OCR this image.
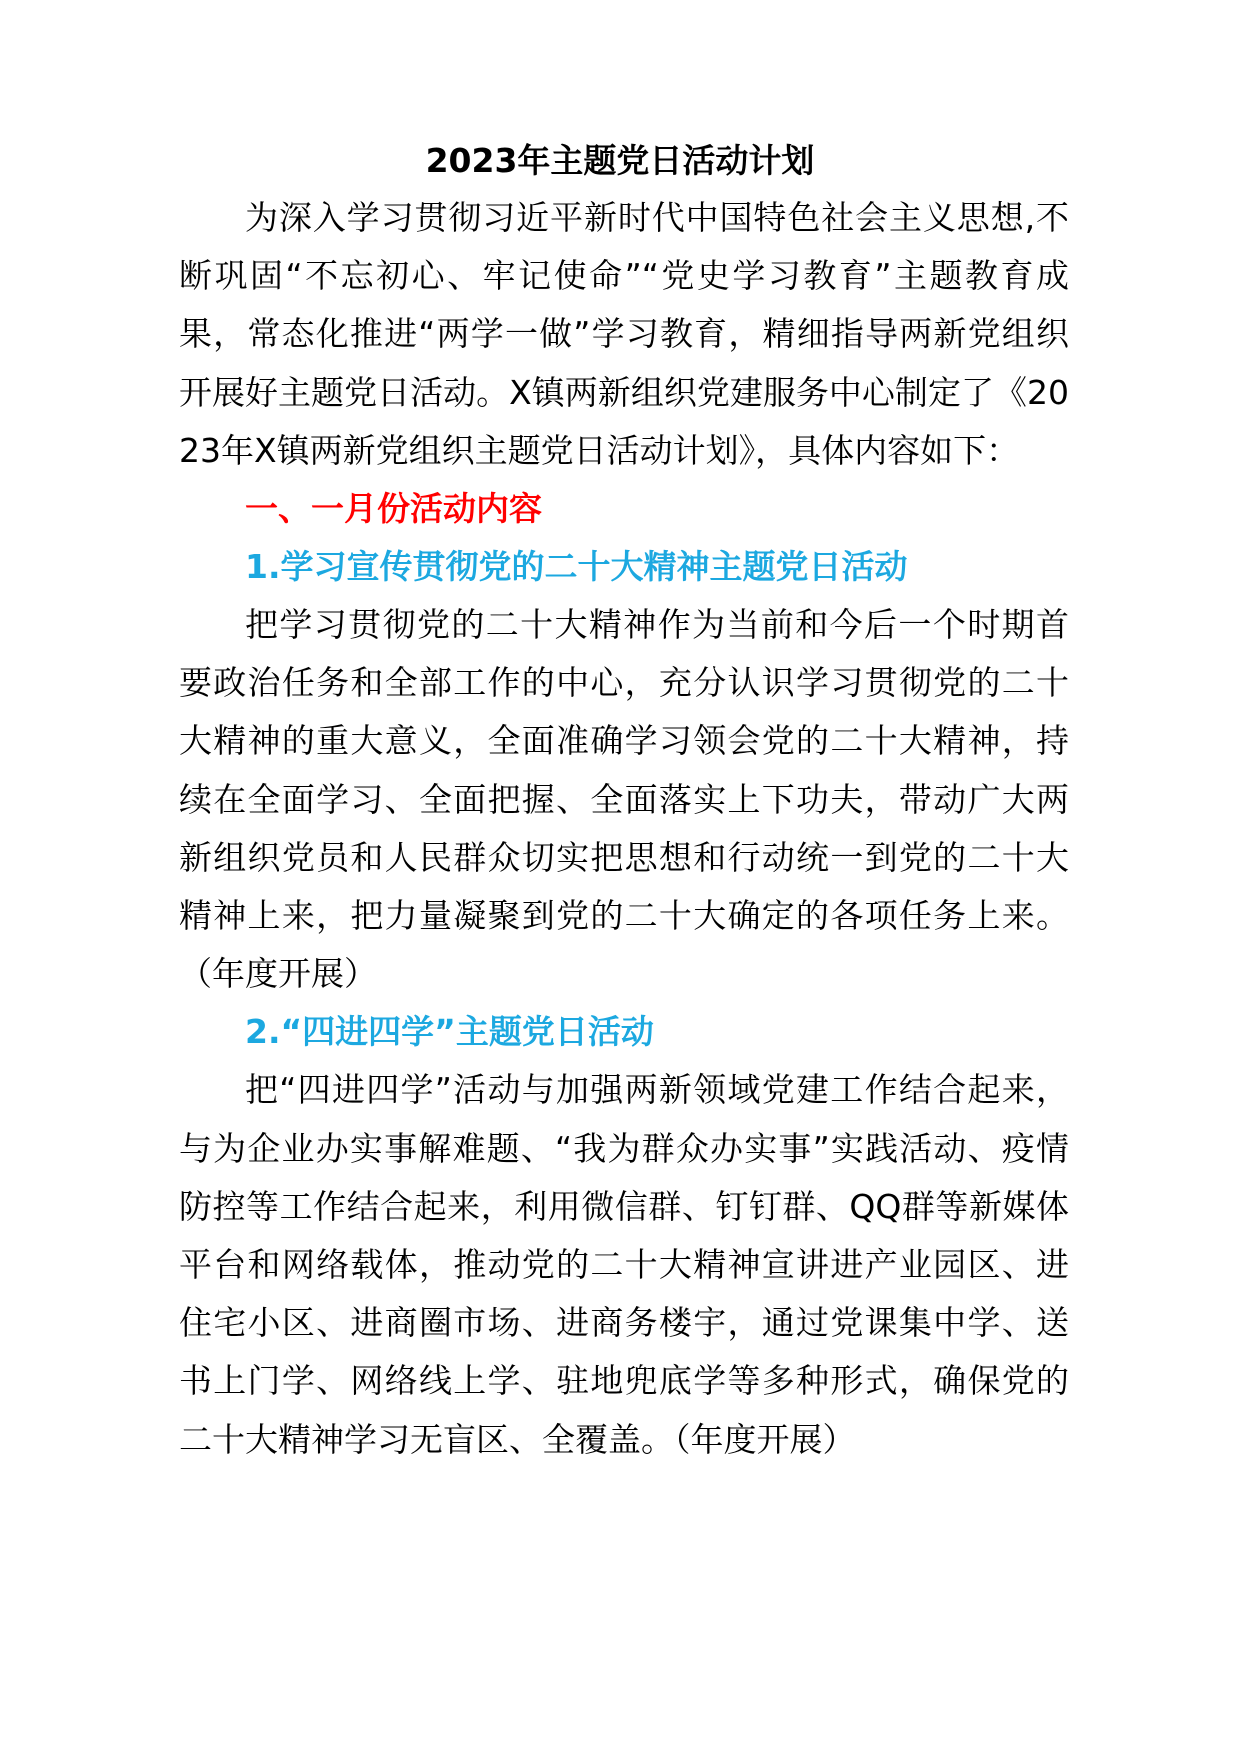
2023年主题党日活动计划

为深入学习贯彻习近平新时代中国特色社会主义思想,不断巩固“不忘初心、牢记使命”“党史学习教育”主题教育成果，常态化推进“两学一做”学习教育，精细指导两新党组织开展好主题党日活动。X镇两新组织党建服务中心制定了《2023年X镇两新党组织主题党日活动计划》，具体内容如下：

一、一月份活动内容
1.学习宣传贯彻党的二十大精神主题党日活动

把学习贯彻党的二十大精神作为当前和今后一个时期首要政治任务和全部工作的中心，充分认识学习贯彻党的二十大精神的重大意义，全面准确学习领会党的二十大精神，持续在全面学习、全面把握、全面落实上下功夫，带动广大两新组织党员和人民群众切实把思想和行动统一到党的二十大精神上来，把力量凝聚到党的二十大确定的各项任务上来。（年度开展）

2.“四进四学”主题党日活动

把“四进四学”活动与加强两新领域党建工作结合起来，与为企业办实事解难题、“我为群众办实事”实践活动、疫情防控等工作结合起来，利用微信群、钉钉群、QQ群等新媒体平台和网络载体，推动党的二十大精神宣讲进产业园区、进住宅小区、进商圈市场、进商务楼宇，通过党课集中学、送书上门学、网络线上学、驻地兜底学等多种形式，确保党的二十大精神学习无盲区、全覆盖。（年度开展）
